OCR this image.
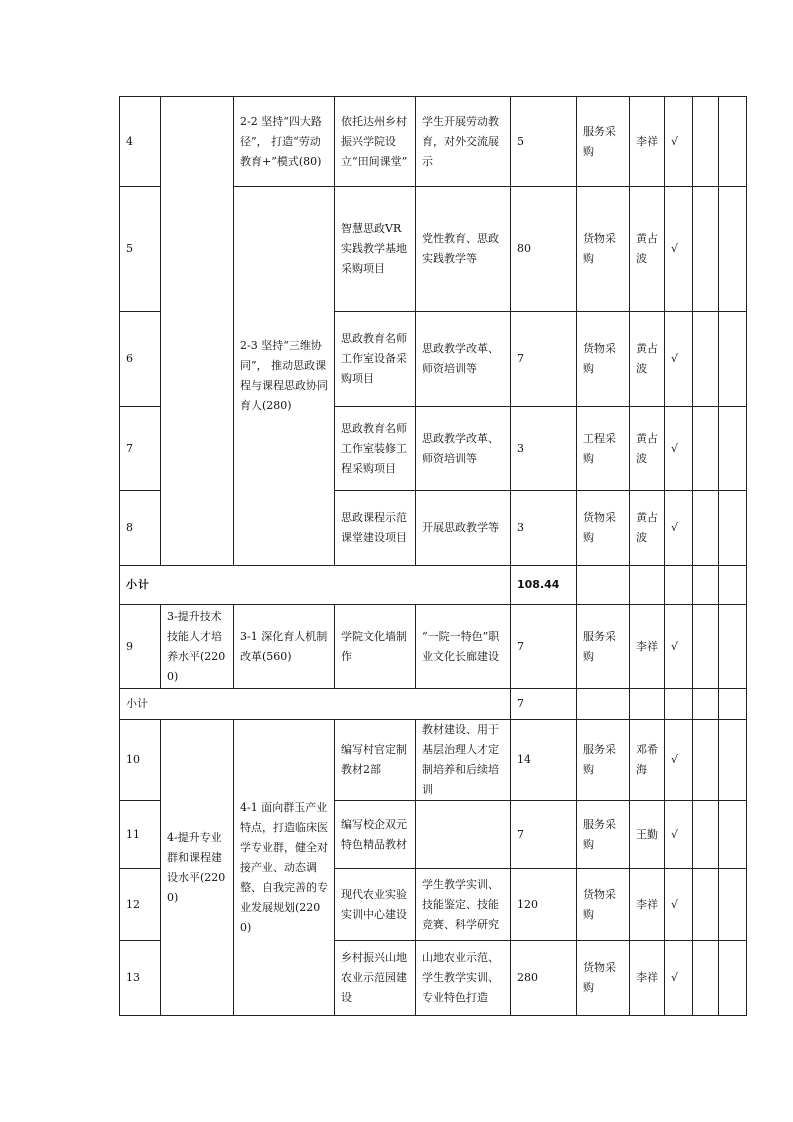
4		2-2 坚持“四大路径”， 打造“劳动教育+”模式(80)	依托达州乡村振兴学院设立“田间课堂”	学生开展劳动教育，对外交流展示	5	服务采购	李祥	√		
5		2-3 坚持“三维协同”， 推动思政课程与课程思政协同育人(280)	智慧思政VR实践教学基地采购项目	党性教育、思政实践教学等	80	货物采购	黄占波	√		
6			思政教育名师工作室设备采购项目	思政教学改革、师资培训等	7	货物采购	黄占波	√		
7			思政教育名师工作室装修工程采购项目	思政教学改革、师资培训等	3	工程采购	黄占波	√		
8			思政课程示范课堂建设项目	开展思政教学等	3	货物采购	黄占波	√		
小计					108.44					
9	3-提升技术技能人才培养水平(2200)	3-1 深化育人机制改革(560)	学院文化墙制作	“一院一特色”职业文化长廊建设	7	服务采购	李祥	√		
小计					7					
10	4-提升专业群和课程建设水平(2200)	4-1 面向群玉产业特点，打造临床医学专业群，健全对接产业、动态调整、自我完善的专业发展规划(2200)	编写村官定制教材2部	教材建设、用于基层治理人才定制培养和后续培训	14	服务采购	邓希海	√		
11			编写校企双元特色精品教材		7	服务采购	王勤	√		
12			现代农业实验实训中心建设	学生教学实训、技能鉴定、技能竞赛、科学研究	120	货物采购	李祥	√		
13			乡村振兴山地农业示范园建设	山地农业示范、学生教学实训、专业特色打造	280	货物采购	李祥	√		
